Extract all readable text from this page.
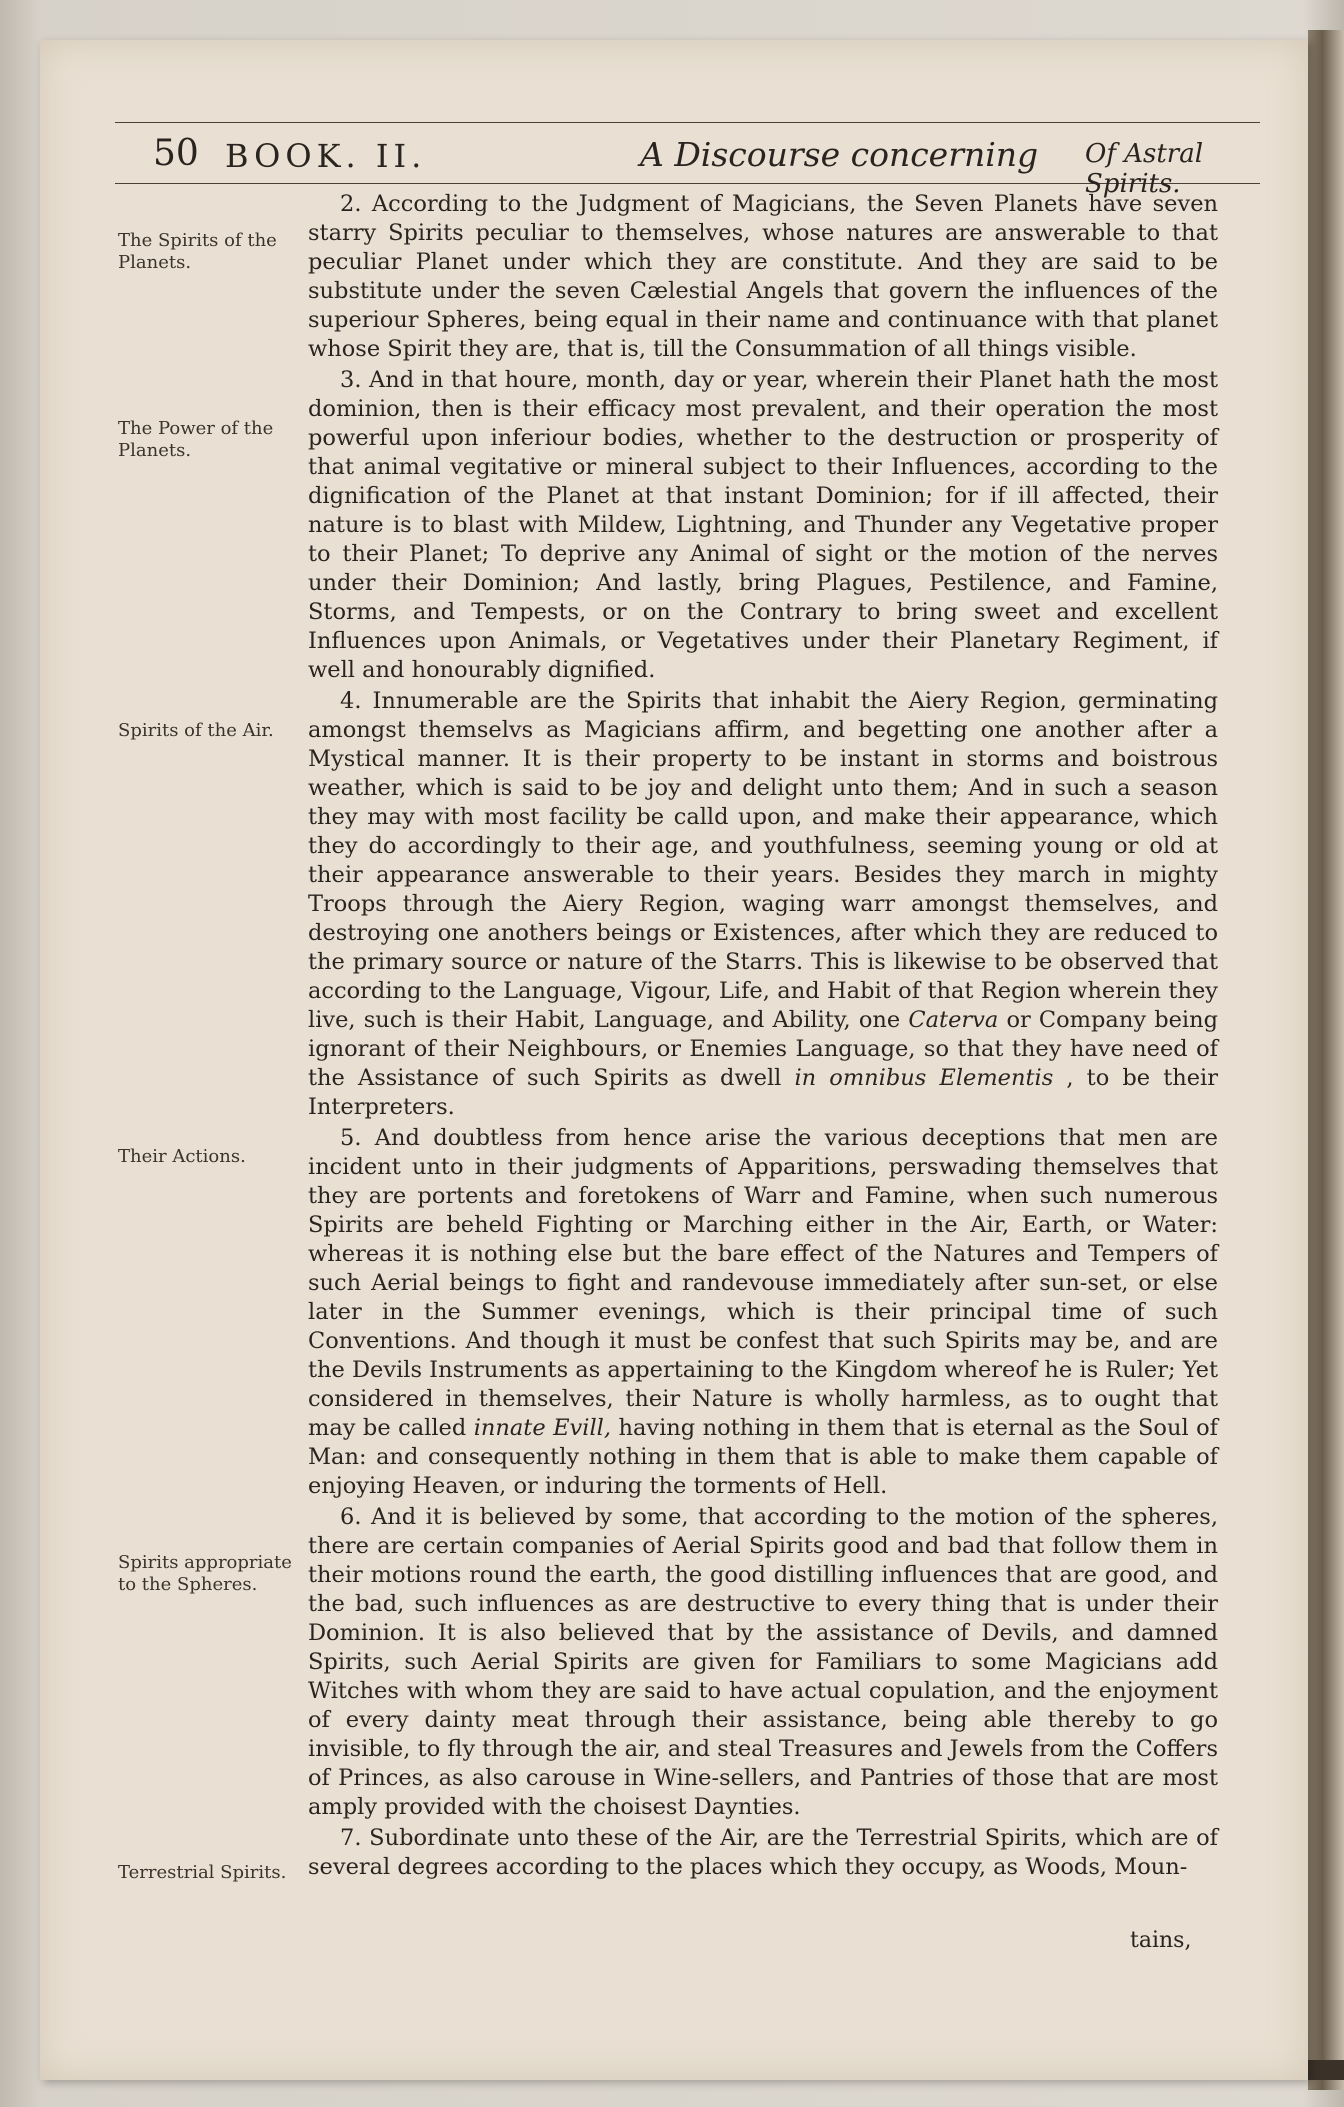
50 BOOK. II.	A Discourse concerning Of Astral Spirits.
The Spirits of the Planets.
The Power of the Planets.
Spirits of the Air.
Their Actions.
Spirits appropriate to the Spheres.
Terrestrial Spirits.

2. According to the Judgment of Magicians, the Seven Planets have seven starry Spirits peculiar to themselves, whose natures are answerable to that peculiar Planet under which they are constitute. And they are said to be substitute under the seven Cælestial Angels that govern the influences of the superiour Spheres, being equal in their name and continuance with that planet whose Spirit they are, that is, till the Consummation of all things visible.

3. And in that houre, month, day or year, wherein their Planet hath the most dominion, then is their efficacy most prevalent, and their operation the most powerful upon inferiour bodies, whether to the destruction or prosperity of that animal vegitative or mineral subject to their Influences, according to the dignification of the Planet at that instant Dominion; for if ill affected, their nature is to blast with Mildew, Lightning, and Thunder any Vegetative proper to their Planet; To deprive any Animal of sight or the motion of the nerves under their Dominion; And lastly, bring Plagues, Pestilence, and Famine, Storms, and Tempests, or on the Contrary to bring sweet and excellent Influences upon Animals, or Vegetatives under their Planetary Regiment, if well and honourably dignified.

4. Innumerable are the Spirits that inhabit the Aiery Region, germinating amongst themselvs as Magicians affirm, and begetting one another after a Mystical manner. It is their property to be instant in storms and boistrous weather, which is said to be joy and delight unto them; And in such a season they may with most facility be calld upon, and make their appearance, which they do accordingly to their age, and youthfulness, seeming young or old at their appearance answerable to their years. Besides they march in mighty Troops through the Aiery Region, waging warr amongst themselves, and destroying one anothers beings or Existences, after which they are reduced to the primary source or nature of the Starrs. This is likewise to be observed that according to the Language, Vigour, Life, and Habit of that Region wherein they live, such is their Habit, Language, and Ability, one Caterva or Company being ignorant of their Neighbours, or Enemies Language, so that they have need of the Assistance of such Spirits as dwell in omnibus Elementis , to be their Interpreters.

5. And doubtless from hence arise the various deceptions that men are incident unto in their judgments of Apparitions, perswading themselves that they are portents and foretokens of Warr and Famine, when such numerous Spirits are beheld Fighting or Marching either in the Air, Earth, or Water: whereas it is nothing else but the bare effect of the Natures and Tempers of such Aerial beings to fight and randevouse immediately after sun-set, or else later in the Summer evenings, which is their principal time of such Conventions. And though it must be confest that such Spirits may be, and are the Devils Instruments as appertaining to the Kingdom whereof he is Ruler; Yet considered in themselves, their Nature is wholly harmless, as to ought that may be called innate Evill, having nothing in them that is eternal as the Soul of Man: and consequently nothing in them that is able to make them capable of enjoying Heaven, or induring the torments of Hell.

6. And it is believed by some, that according to the motion of the spheres, there are certain companies of Aerial Spirits good and bad that follow them in their motions round the earth, the good distilling influences that are good, and the bad, such influences as are destructive to every thing that is under their Dominion. It is also believed that by the assistance of Devils, and damned Spirits, such Aerial Spirits are given for Familiars to some Magicians add Witches with whom they are said to have actual copulation, and the enjoyment of every dainty meat through their assistance, being able thereby to go invisible, to fly through the air, and steal Treasures and Jewels from the Coffers of Princes, as also carouse in Wine-sellers, and Pantries of those that are most amply provided with the choisest Daynties.

7. Subordinate unto these of the Air, are the Terrestrial Spirits, which are of several degrees according to the places which they occupy, as Woods, Moun-

tains,
